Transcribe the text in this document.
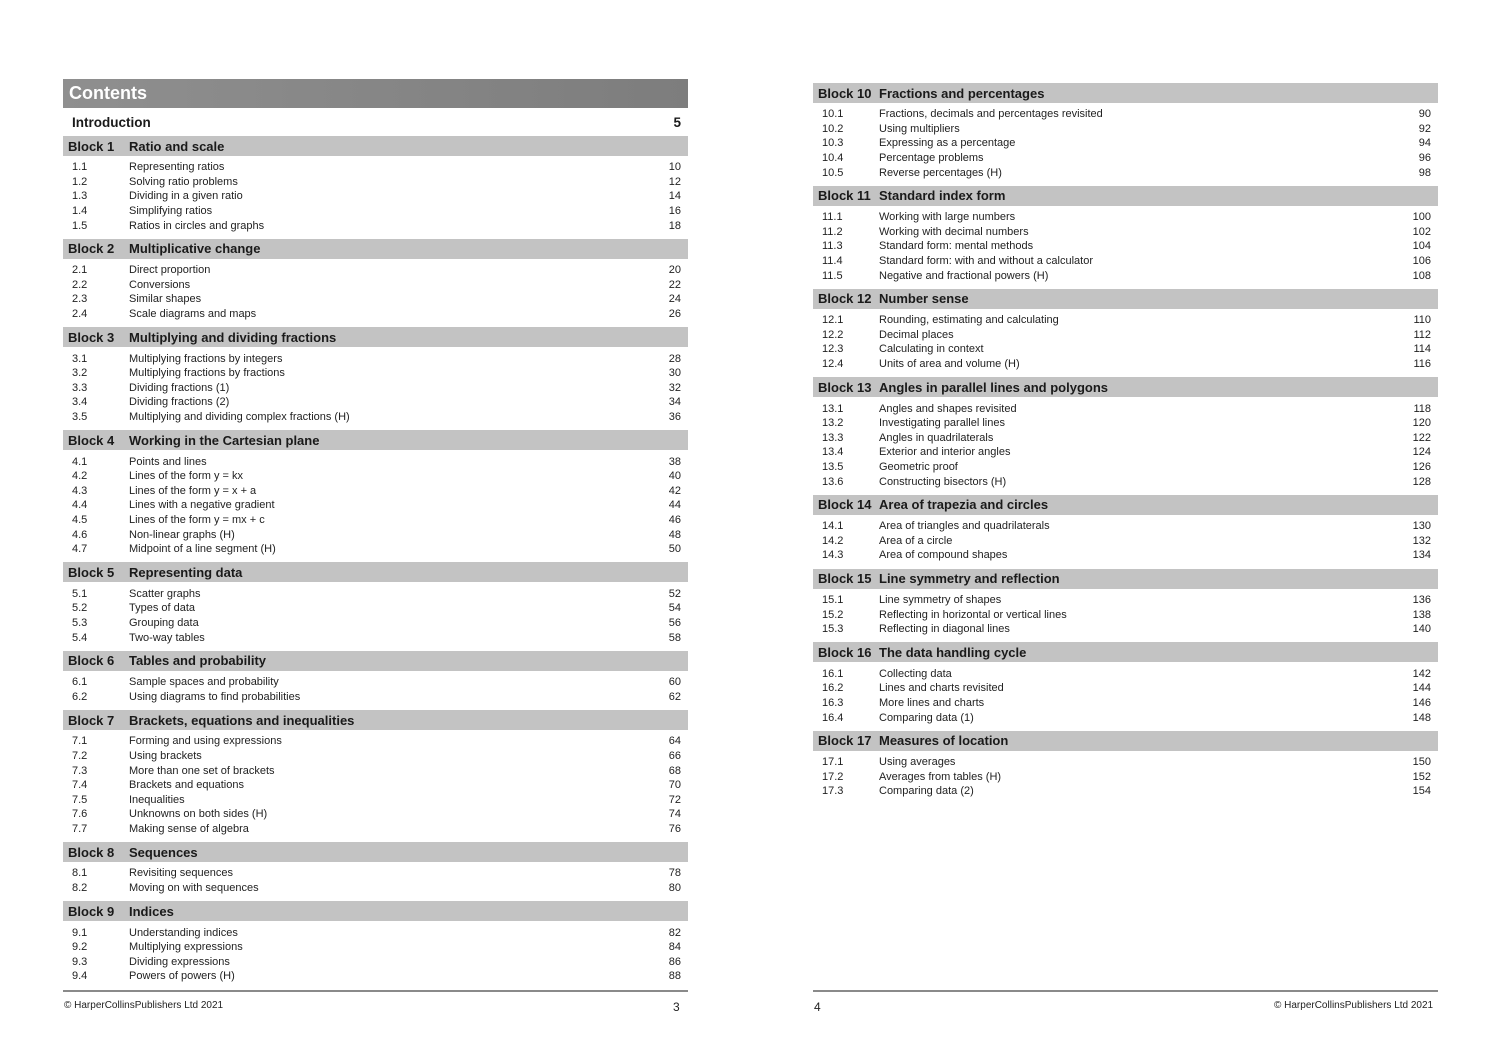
Contents
Introduction	5
Block 1	Ratio and scale
1.1	Representing ratios	10
1.2	Solving ratio problems	12
1.3	Dividing in a given ratio	14
1.4	Simplifying ratios	16
1.5	Ratios in circles and graphs	18
Block 2	Multiplicative change
2.1	Direct proportion	20
2.2	Conversions	22
2.3	Similar shapes	24
2.4	Scale diagrams and maps	26
Block 3	Multiplying and dividing fractions
3.1	Multiplying fractions by integers	28
3.2	Multiplying fractions by fractions	30
3.3	Dividing fractions (1)	32
3.4	Dividing fractions (2)	34
3.5	Multiplying and dividing complex fractions (H)	36
Block 4	Working in the Cartesian plane
4.1	Points and lines	38
4.2	Lines of the form y = kx	40
4.3	Lines of the form y = x + a	42
4.4	Lines with a negative gradient	44
4.5	Lines of the form y = mx + c	46
4.6	Non-linear graphs (H)	48
4.7	Midpoint of a line segment (H)	50
Block 5	Representing data
5.1	Scatter graphs	52
5.2	Types of data	54
5.3	Grouping data	56
5.4	Two-way tables	58
Block 6	Tables and probability
6.1	Sample spaces and probability	60
6.2	Using diagrams to find probabilities	62
Block 7	Brackets, equations and inequalities
7.1	Forming and using expressions	64
7.2	Using brackets	66
7.3	More than one set of brackets	68
7.4	Brackets and equations	70
7.5	Inequalities	72
7.6	Unknowns on both sides (H)	74
7.7	Making sense of algebra	76
Block 8	Sequences
8.1	Revisiting sequences	78
8.2	Moving on with sequences	80
Block 9	Indices
9.1	Understanding indices	82
9.2	Multiplying expressions	84
9.3	Dividing expressions	86
9.4	Powers of powers (H)	88
Block 10 Fractions and percentages
10.1	Fractions, decimals and percentages revisited	90
10.2	Using multipliers	92
10.3	Expressing as a percentage	94
10.4	Percentage problems	96
10.5	Reverse percentages (H)	98
Block 11 Standard index form
11.1	Working with large numbers	100
11.2	Working with decimal numbers	102
11.3	Standard form: mental methods	104
11.4	Standard form: with and without a calculator	106
11.5	Negative and fractional powers (H)	108
Block 12 Number sense
12.1	Rounding, estimating and calculating	110
12.2	Decimal places	112
12.3	Calculating in context	114
12.4	Units of area and volume (H)	116
Block 13 Angles in parallel lines and polygons
13.1	Angles and shapes revisited	118
13.2	Investigating parallel lines	120
13.3	Angles in quadrilaterals	122
13.4	Exterior and interior angles	124
13.5	Geometric proof	126
13.6	Constructing bisectors (H)	128
Block 14 Area of trapezia and circles
14.1	Area of triangles and quadrilaterals	130
14.2	Area of a circle	132
14.3	Area of compound shapes	134
Block 15 Line symmetry and reflection
15.1	Line symmetry of shapes	136
15.2	Reflecting in horizontal or vertical lines	138
15.3	Reflecting in diagonal lines	140
Block 16 The data handling cycle
16.1	Collecting data	142
16.2	Lines and charts revisited	144
16.3	More lines and charts	146
16.4	Comparing data (1)	148
Block 17 Measures of location
17.1	Using averages	150
17.2	Averages from tables (H)	152
17.3	Comparing data (2)	154
© HarperCollinsPublishers Ltd 2021	3	4	© HarperCollinsPublishers Ltd 2021
